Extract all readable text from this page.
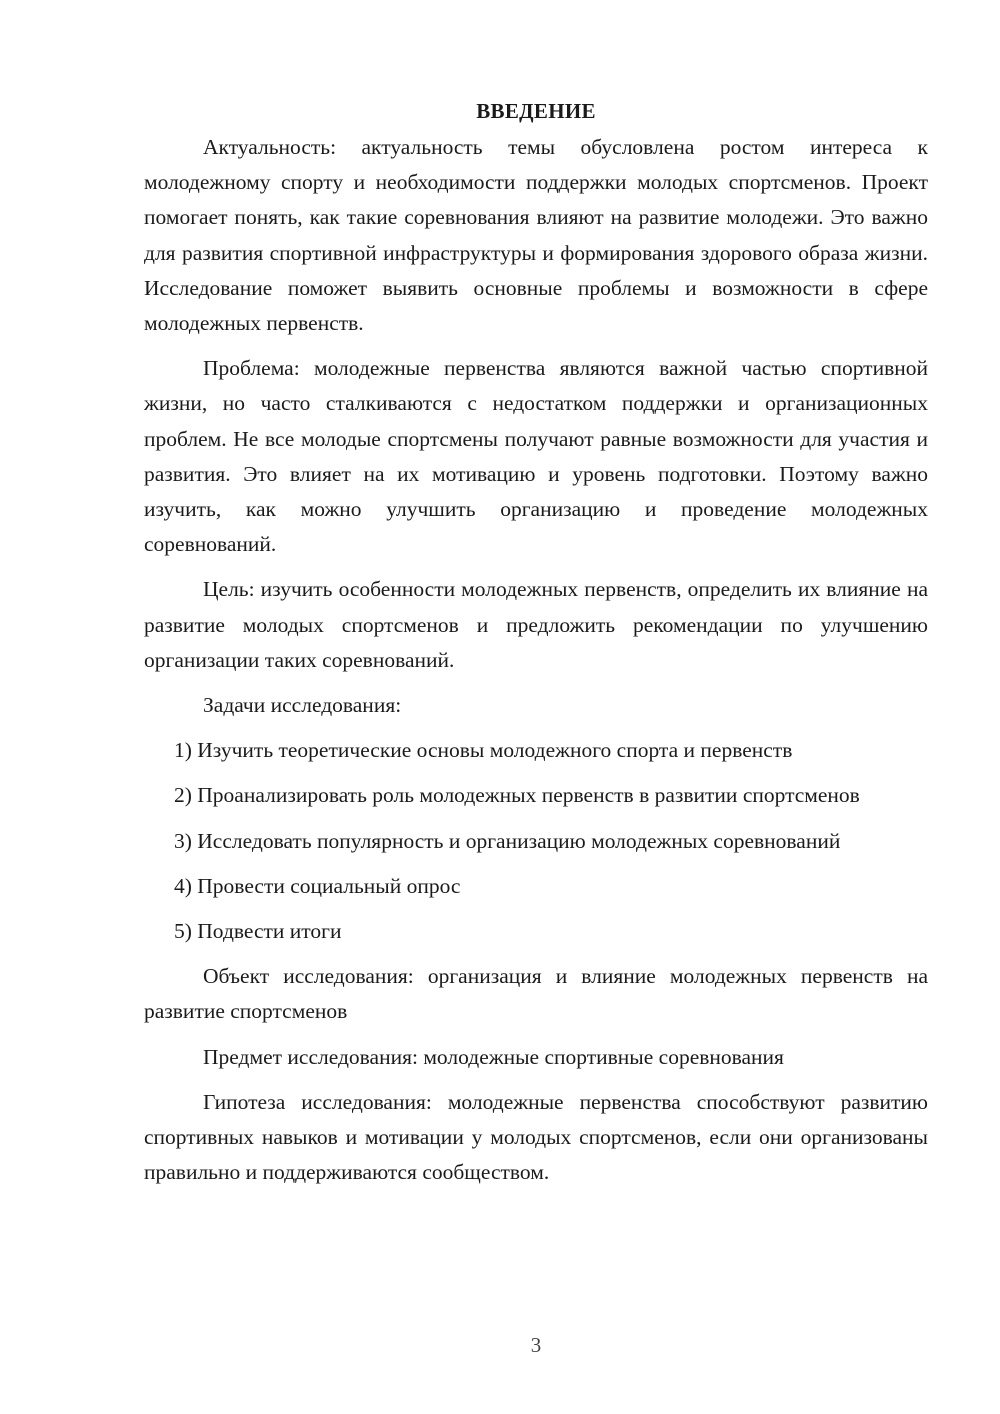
ВВЕДЕНИЕ

Актуальность: актуальность темы обусловлена ростом интереса к молодежному спорту и необходимости поддержки молодых спортсменов. Проект помогает понять, как такие соревнования влияют на развитие молодежи. Это важно для развития спортивной инфраструктуры и формирования здорового образа жизни. Исследование поможет выявить основные проблемы и возможности в сфере молодежных первенств.

Проблема: молодежные первенства являются важной частью спортивной жизни, но часто сталкиваются с недостатком поддержки и организационных проблем. Не все молодые спортсмены получают равные возможности для участия и развития. Это влияет на их мотивацию и уровень подготовки. Поэтому важно изучить, как можно улучшить организацию и проведение молодежных соревнований.

Цель: изучить особенности молодежных первенств, определить их влияние на развитие молодых спортсменов и предложить рекомендации по улучшению организации таких соревнований.

Задачи исследования:

1) Изучить теоретические основы молодежного спорта и первенств

2) Проанализировать роль молодежных первенств в развитии спортсменов

3) Исследовать популярность и организацию молодежных соревнований

4) Провести социальный опрос

5) Подвести итоги

Объект исследования: организация и влияние молодежных первенств на развитие спортсменов

Предмет исследования: молодежные спортивные соревнования

Гипотеза исследования: молодежные первенства способствуют развитию спортивных навыков и мотивации у молодых спортсменов, если они организованы правильно и поддерживаются сообществом.

3
